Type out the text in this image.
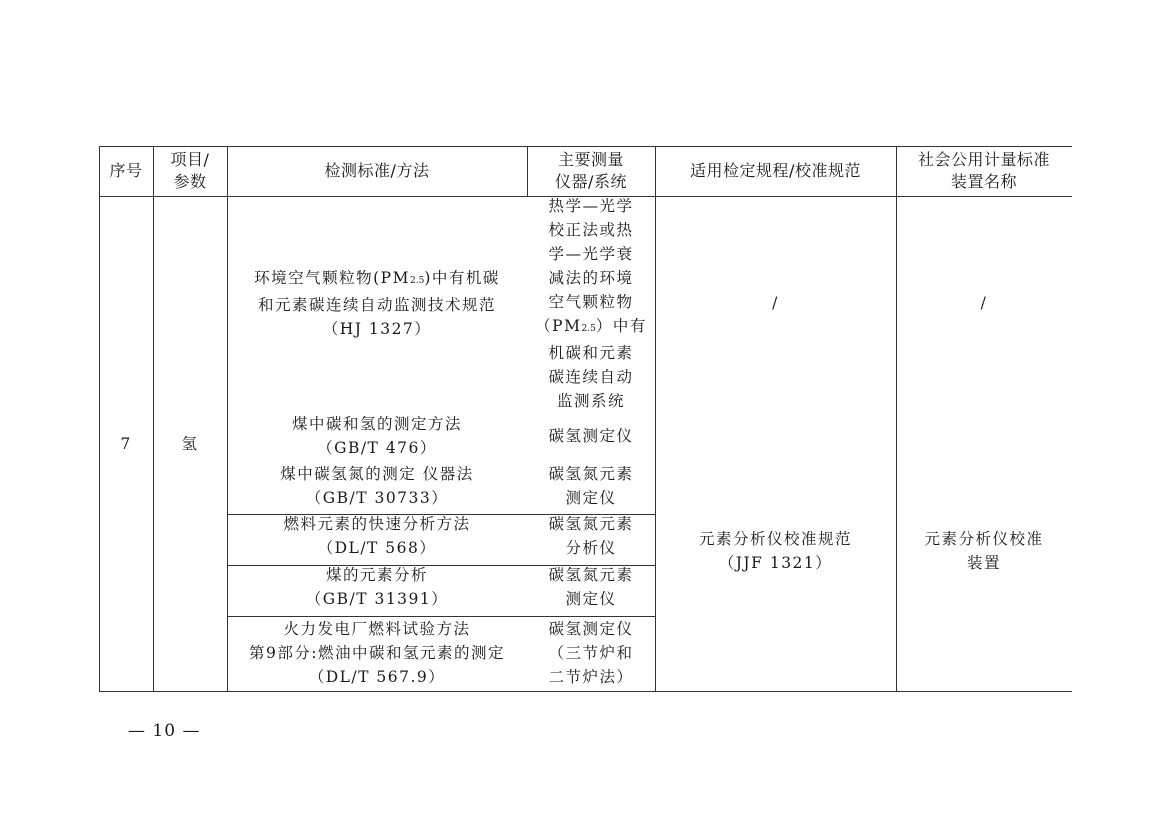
序号
项目/
参数
检测标准/方法
主要测量
仪器/系统
适用检定规程/校准规范
社会公用计量标准
装置名称
7	氢
环境空气颗粒物(PM2.5)中有机碳
和元素碳连续自动监测技术规范
（HJ 1327）
热学—光学
校正法或热
学—光学衰
减法的环境
空气颗粒物
（PM2.5）中有
机碳和元素
碳连续自动
监测系统
/	/
煤中碳和氢的测定方法
（GB/T 476）
碳氢测定仪
煤中碳氢氮的测定 仪器法
（GB/T 30733）
碳氢氮元素
测定仪
元素分析仪校准规范
（JJF 1321）
元素分析仪校准
装置
燃料元素的快速分析方法
（DL/T 568）
碳氢氮元素
分析仪
煤的元素分析
（GB/T 31391）
碳氢氮元素
测定仪
火力发电厂燃料试验方法
第9部分:燃油中碳和氢元素的测定
（DL/T 567.9）
碳氢测定仪
（三节炉和
二节炉法）
— 10 —
